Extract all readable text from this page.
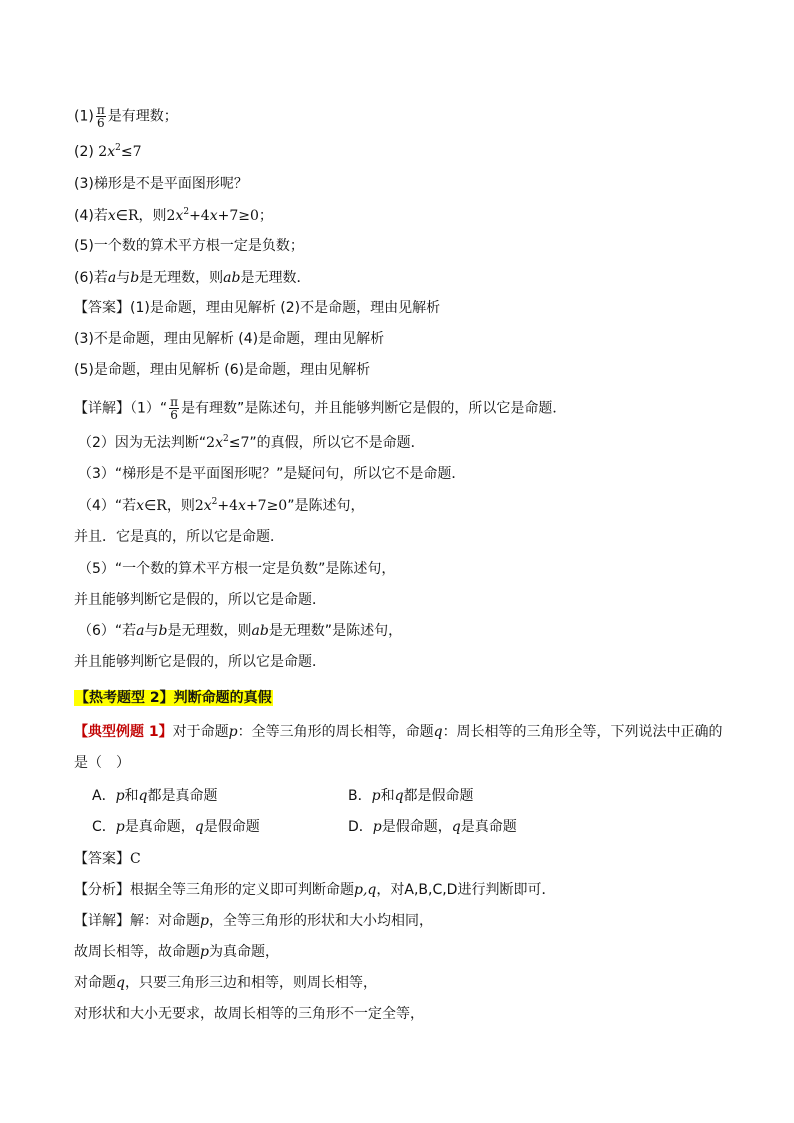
$(1) \frac{\pi}{6}$ 是有理数；
(2) $2x^2\le 7$
(3)梯形是不是平面图形呢？
(4)若x∈R，则$2x^2+4x+7\ge 0$；
(5)一个数的算术平方根一定是负数；
(6)若a与b是无理数，则ab是无理数．
【答案】(1)是命题，理由见解析 (2)不是命题，理由见解析
(3)不是命题，理由见解析 (4)是命题，理由见解析
(5)是命题，理由见解析 (6)是命题，理由见解析
【详解】（1）“ $\frac{\pi}{6}$ 是有理数”是陈述句，并且能够判断它是假的，所以它是命题．
（2）因为无法判断“$2x^2\le 7$”的真假，所以它不是命题．
（3）“梯形是不是平面图形呢？”是疑问句，所以它不是命题．
（4）“若x∈R，则$2x^2+4x+7\ge 0$”是陈述句，
并且．它是真的，所以它是命题．
（5）“一个数的算术平方根一定是负数”是陈述句，
并且能够判断它是假的，所以它是命题．
（6）“若a与b是无理数，则ab是无理数”是陈述句，
并且能够判断它是假的，所以它是命题．
【热考题型 2】判断命题的真假
【典型例题 1】对于命题p：全等三角形的周长相等，命题q：周长相等的三角形全等，下列说法中正确的
是（　）
A．p和q都是真命题	B．p和q都是假命题
C．p是真命题，q是假命题	D．p是假命题，q是真命题
【答案】C
【分析】根据全等三角形的定义即可判断命题p,q，对A,B,C,D进行判断即可．
【详解】解：对命题p，全等三角形的形状和大小均相同，
故周长相等，故命题p为真命题，
对命题q，只要三角形三边和相等，则周长相等，
对形状和大小无要求，故周长相等的三角形不一定全等，
